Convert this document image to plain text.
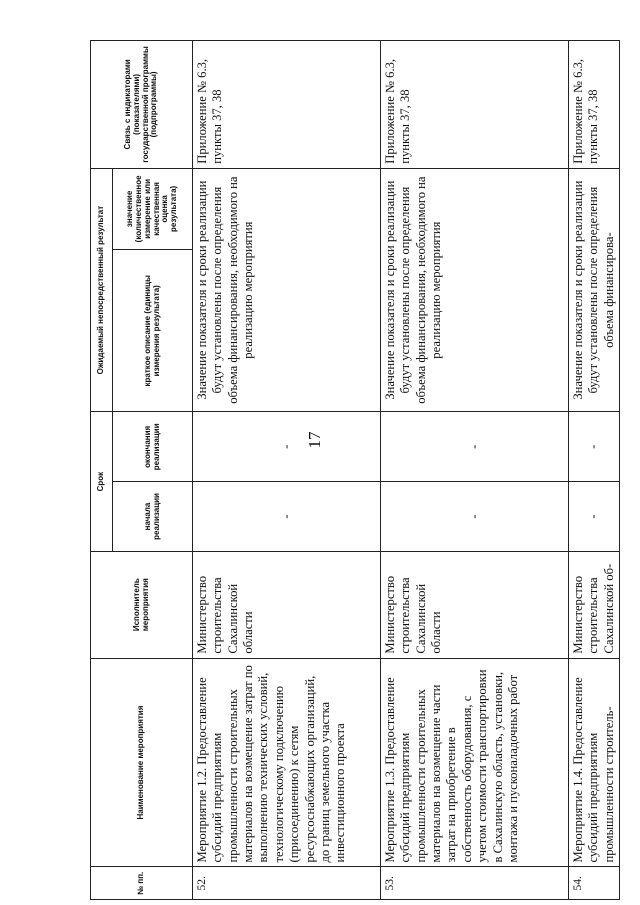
17
№ пп.	Наименование мероприятия	Исполнитель мероприятия	Срок		Ожидаемый непосредственный результат		Связь с индикаторами (показателями) государственной программы (подпрограммы)
			начала реализации	окончания реализации	краткое описание (единицы измерения результата)	значение (количественное измерение или качественная оценка результата)	
52.	Мероприятие 1.2. Предоставление субсидий предприятиям промышленности строительных материалов на возмещение затрат по выполнению технических условий, технологическому подключению (присоединению) к сетям ресурсоснабжающих организаций, до границ земельного участка инвестиционного проекта	Министерство строительства Сахалинской области	-	-	Значение показателя и сроки реализации будут установлены после определения объема финансирования, необходимого на реализацию мероприятия		Приложение № 6.3, пункты 37, 38
53.	Мероприятие 1.3. Предоставление субсидий предприятиям промышленности строительных материалов на возмещение части затрат на приобретение в собственность оборудования, с учетом стоимости транспортировки в Сахалинскую область, установки, монтажа и пусконаладочных работ	Министерство строительства Сахалинской области	-	-	Значение показателя и сроки реализации будут установлены после определения объема финансирования, необходимого на реализацию мероприятия		Приложение № 6.3, пункты 37, 38
54.	Мероприятие 1.4. Предоставление субсидий предприятиям промышленности строитель-	Министерство строительства Сахалинской об-	-	-	Значение показателя и сроки реализации будут установлены после определения объема финансирова-		Приложение № 6.3, пункты 37, 38
